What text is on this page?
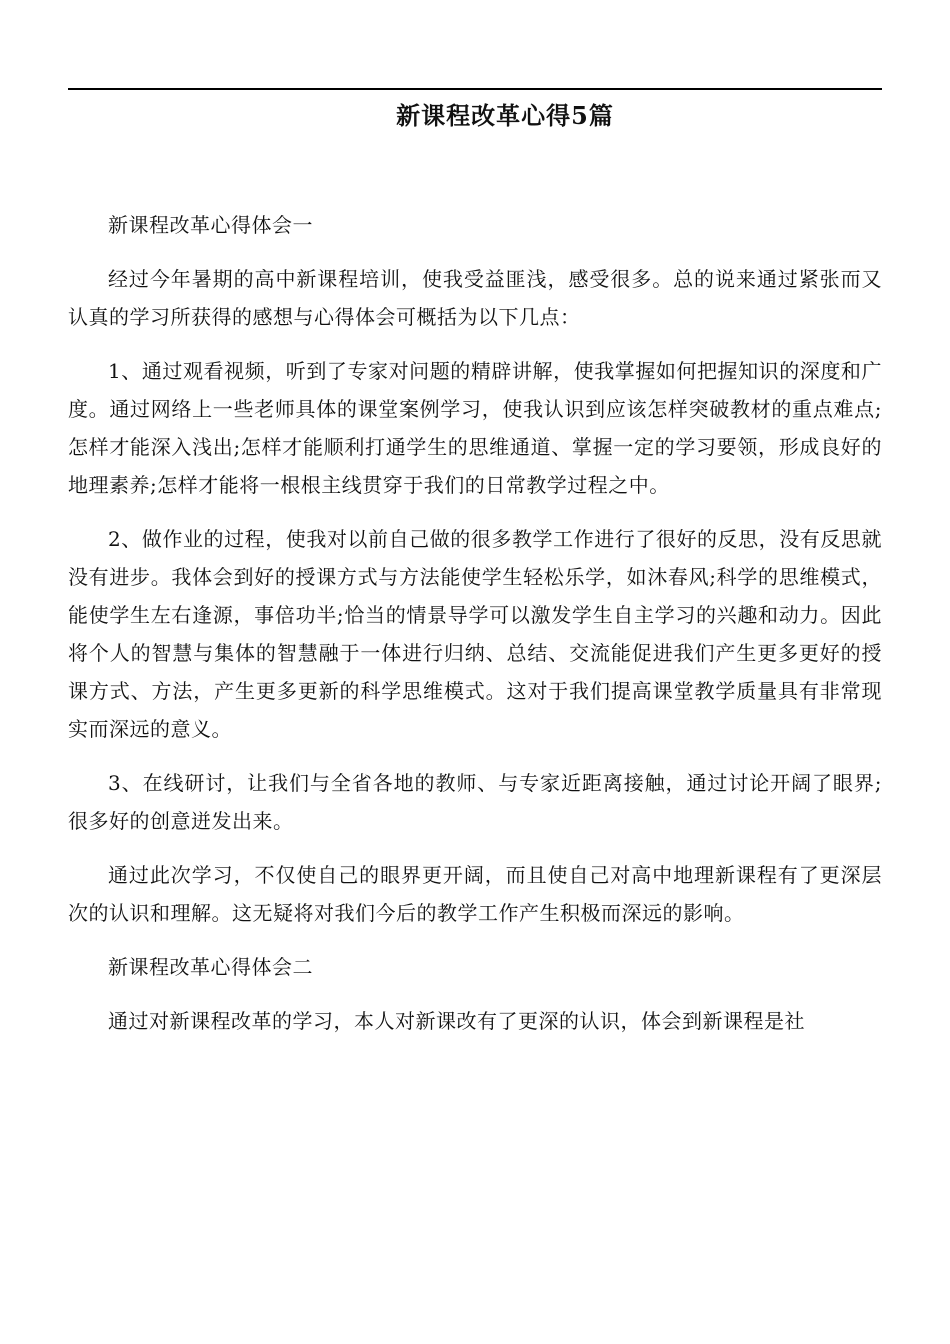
新课程改革心得5篇

新课程改革心得体会一

经过今年暑期的高中新课程培训，使我受益匪浅，感受很多。总的说来通过紧张而又认真的学习所获得的感想与心得体会可概括为以下几点：

1、通过观看视频，听到了专家对问题的精辟讲解，使我掌握如何把握知识的深度和广度。通过网络上一些老师具体的课堂案例学习，使我认识到应该怎样突破教材的重点难点;怎样才能深入浅出;怎样才能顺利打通学生的思维通道、掌握一定的学习要领，形成良好的地理素养;怎样才能将一根根主线贯穿于我们的日常教学过程之中。

2、做作业的过程，使我对以前自己做的很多教学工作进行了很好的反思，没有反思就没有进步。我体会到好的授课方式与方法能使学生轻松乐学，如沐春风;科学的思维模式，能使学生左右逢源，事倍功半;恰当的情景导学可以激发学生自主学习的兴趣和动力。因此将个人的智慧与集体的智慧融于一体进行归纳、总结、交流能促进我们产生更多更好的授课方式、方法，产生更多更新的科学思维模式。这对于我们提高课堂教学质量具有非常现实而深远的意义。

3、在线研讨，让我们与全省各地的教师、与专家近距离接触，通过讨论开阔了眼界;很多好的创意迸发出来。

通过此次学习，不仅使自己的眼界更开阔，而且使自己对高中地理新课程有了更深层次的认识和理解。这无疑将对我们今后的教学工作产生积极而深远的影响。

新课程改革心得体会二

通过对新课程改革的学习，本人对新课改有了更深的认识，体会到新课程是社
